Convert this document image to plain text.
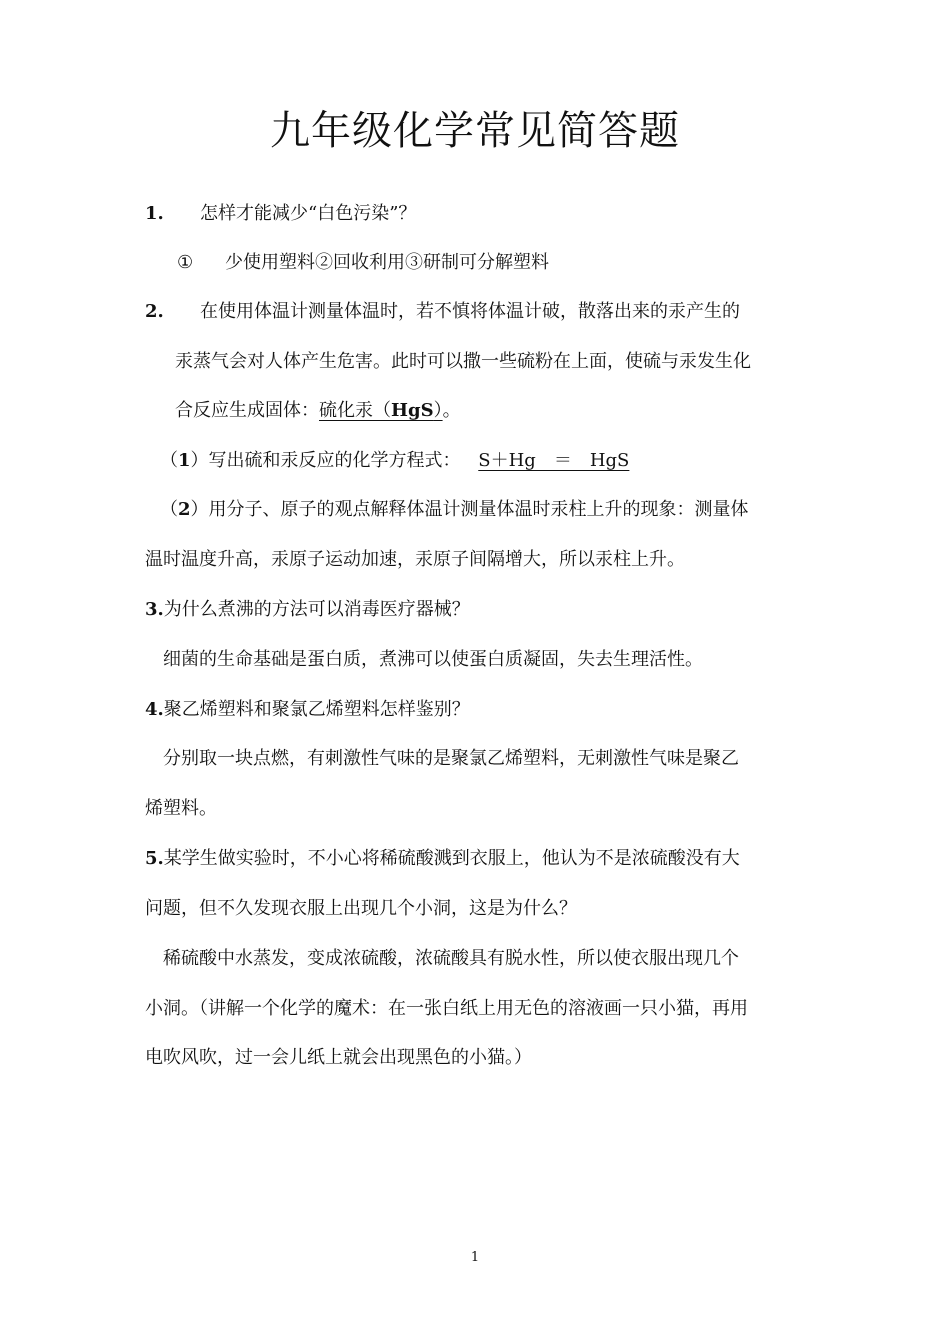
九年级化学常见简答题

1. 怎样才能减少“白色污染”？

① 少使用塑料②回收利用③研制可分解塑料

2. 在使用体温计测量体温时，若不慎将体温计破，散落出来的汞产生的

汞蒸气会对人体产生危害。此时可以撒一些硫粉在上面，使硫与汞发生化

合反应生成固体：硫化汞（HgS）。

（1）写出硫和汞反应的化学方程式： S＋Hg　＝　HgS

（2）用分子、原子的观点解释体温计测量体温时汞柱上升的现象：测量体

温时温度升高，汞原子运动加速，汞原子间隔增大，所以汞柱上升。

3.为什么煮沸的方法可以消毒医疗器械？

细菌的生命基础是蛋白质，煮沸可以使蛋白质凝固，失去生理活性。

4.聚乙烯塑料和聚氯乙烯塑料怎样鉴别？

分别取一块点燃，有刺激性气味的是聚氯乙烯塑料，无刺激性气味是聚乙

烯塑料。

5.某学生做实验时，不小心将稀硫酸溅到衣服上，他认为不是浓硫酸没有大

问题，但不久发现衣服上出现几个小洞，这是为什么？

稀硫酸中水蒸发，变成浓硫酸，浓硫酸具有脱水性，所以使衣服出现几个

小洞。（讲解一个化学的魔术：在一张白纸上用无色的溶液画一只小猫，再用

电吹风吹，过一会儿纸上就会出现黑色的小猫。）

1
